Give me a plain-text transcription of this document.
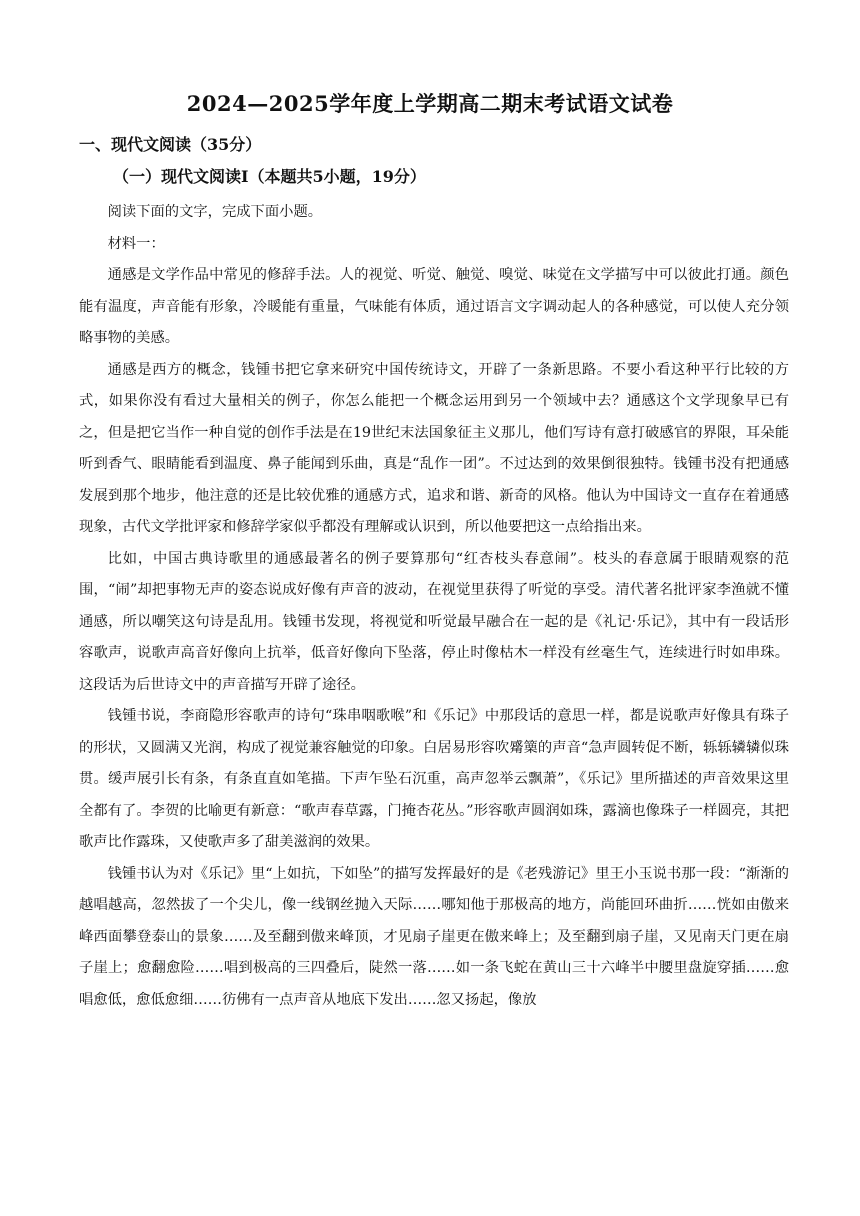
2024—2025学年度上学期高二期末考试语文试卷
一、现代文阅读（35分）
（一）现代文阅读Ⅰ（本题共5小题，19分）

阅读下面的文字，完成下面小题。

材料一：

通感是文学作品中常见的修辞手法。人的视觉、听觉、触觉、嗅觉、味觉在文学描写中可以彼此打通。颜色能有温度，声音能有形象，冷暖能有重量，气味能有体质，通过语言文字调动起人的各种感觉，可以使人充分领略事物的美感。

通感是西方的概念，钱锺书把它拿来研究中国传统诗文，开辟了一条新思路。不要小看这种平行比较的方式，如果你没有看过大量相关的例子，你怎么能把一个概念运用到另一个领域中去？通感这个文学现象早已有之，但是把它当作一种自觉的创作手法是在19世纪末法国象征主义那儿，他们写诗有意打破感官的界限，耳朵能听到香气、眼睛能看到温度、鼻子能闻到乐曲，真是“乱作一团”。不过达到的效果倒很独特。钱锺书没有把通感发展到那个地步，他注意的还是比较优雅的通感方式，追求和谐、新奇的风格。他认为中国诗文一直存在着通感现象，古代文学批评家和修辞学家似乎都没有理解或认识到，所以他要把这一点给指出来。

比如，中国古典诗歌里的通感最著名的例子要算那句“红杏枝头春意闹”。枝头的春意属于眼睛观察的范围，“闹”却把事物无声的姿态说成好像有声音的波动，在视觉里获得了听觉的享受。清代著名批评家李渔就不懂通感，所以嘲笑这句诗是乱用。钱锺书发现，将视觉和听觉最早融合在一起的是《礼记·乐记》，其中有一段话形容歌声，说歌声高音好像向上抗举，低音好像向下坠落，停止时像枯木一样没有丝毫生气，连续进行时如串珠。这段话为后世诗文中的声音描写开辟了途径。

钱锺书说，李商隐形容歌声的诗句“珠串咽歌喉”和《乐记》中那段话的意思一样，都是说歌声好像具有珠子的形状，又圆满又光润，构成了视觉兼容触觉的印象。白居易形容吹觱篥的声音“急声圆转促不断，轹轹辚辚似珠贯。缓声展引长有条，有条直直如笔描。下声乍坠石沉重，高声忽举云飘萧”，《乐记》里所描述的声音效果这里全都有了。李贺的比喻更有新意：“歌声春草露，门掩杏花丛。”形容歌声圆润如珠，露滴也像珠子一样圆亮，其把歌声比作露珠，又使歌声多了甜美滋润的效果。

钱锺书认为对《乐记》里“上如抗，下如坠”的描写发挥最好的是《老残游记》里王小玉说书那一段：“渐渐的越唱越高，忽然拔了一个尖儿，像一线钢丝抛入天际……哪知他于那极高的地方，尚能回环曲折……恍如由傲来峰西面攀登泰山的景象……及至翻到傲来峰顶，才见扇子崖更在傲来峰上；及至翻到扇子崖，又见南天门更在扇子崖上；愈翻愈险……唱到极高的三四叠后，陡然一落……如一条飞蛇在黄山三十六峰半中腰里盘旋穿插……愈唱愈低，愈低愈细……彷佛有一点声音从地底下发出……忽又扬起，像放
